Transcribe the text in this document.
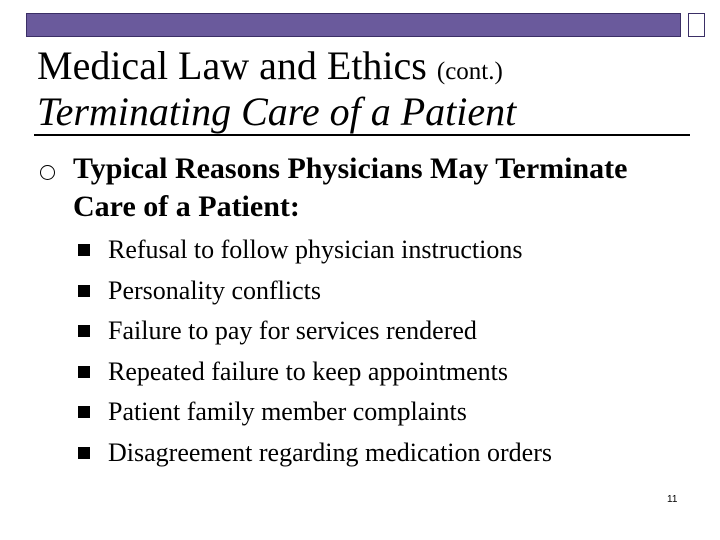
Medical Law and Ethics (cont.)
Terminating Care of a Patient
Typical Reasons Physicians May Terminate Care of a Patient:
Refusal to follow physician instructions
Personality conflicts
Failure to pay for services rendered
Repeated failure to keep appointments
Patient family member complaints
Disagreement regarding medication orders
11
